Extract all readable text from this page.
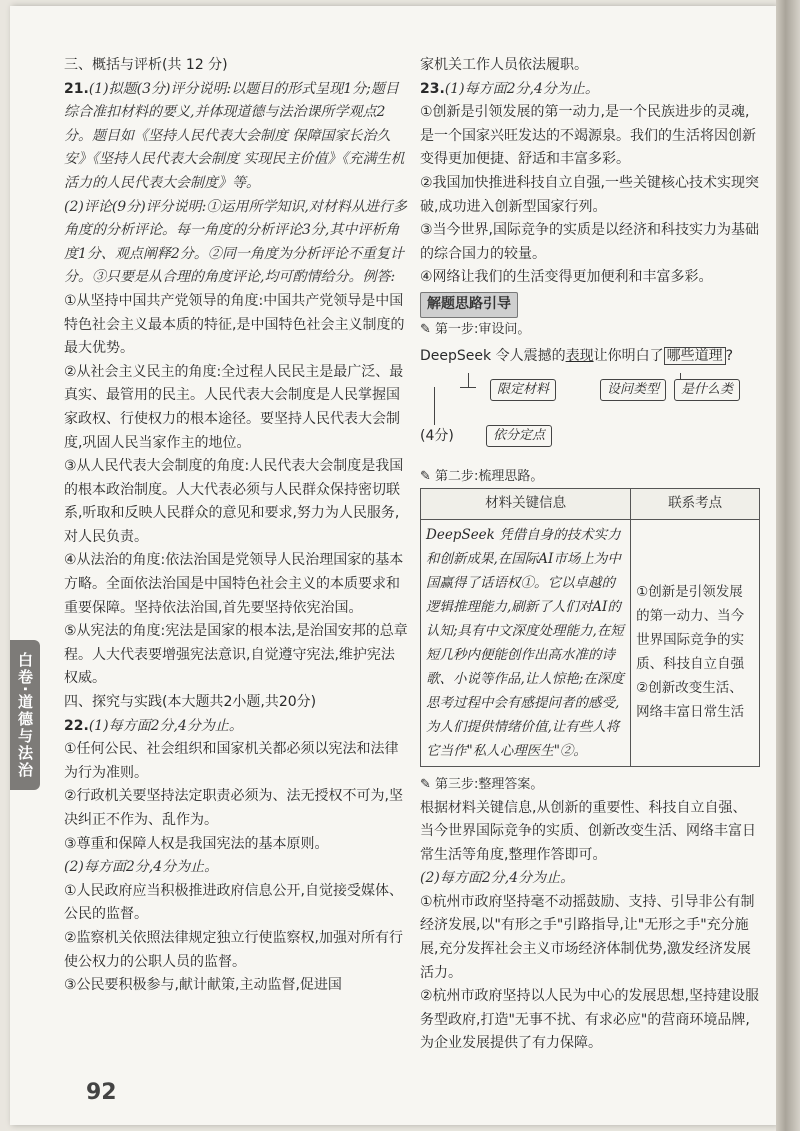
白卷·道德与法治

三、概括与评析(共 12 分)

21.(1)拟题(3分)评分说明:以题目的形式呈现1分;题目综合准扣材料的要义,并体现道德与法治课所学观点2分。题目如《坚持人民代表大会制度 保障国家长治久安》《坚持人民代表大会制度 实现民主价值》《充满生机活力的人民代表大会制度》等。

(2)评论(9分)评分说明:①运用所学知识,对材料从进行多角度的分析评论。每一角度的分析评论3分,其中评析角度1分、观点阐释2分。②同一角度为分析评论不重复计分。③只要是从合理的角度评论,均可酌情给分。例答:

①从坚持中国共产党领导的角度:中国共产党领导是中国特色社会主义最本质的特征,是中国特色社会主义制度的最大优势。

②从社会主义民主的角度:全过程人民民主是最广泛、最真实、最管用的民主。人民代表大会制度是人民掌握国家政权、行使权力的根本途径。要坚持人民代表大会制度,巩固人民当家作主的地位。

③从人民代表大会制度的角度:人民代表大会制度是我国的根本政治制度。人大代表必须与人民群众保持密切联系,听取和反映人民群众的意见和要求,努力为人民服务,对人民负责。

④从法治的角度:依法治国是党领导人民治理国家的基本方略。全面依法治国是中国特色社会主义的本质要求和重要保障。坚持依法治国,首先要坚持依宪治国。

⑤从宪法的角度:宪法是国家的根本法,是治国安邦的总章程。人大代表要增强宪法意识,自觉遵守宪法,维护宪法权威。

四、探究与实践(本大题共2小题,共20分)

22.(1)每方面2分,4分为止。

①任何公民、社会组织和国家机关都必须以宪法和法律为行为准则。

②行政机关要坚持法定职责必须为、法无授权不可为,坚决纠正不作为、乱作为。

③尊重和保障人权是我国宪法的基本原则。

(2)每方面2分,4分为止。

①人民政府应当积极推进政府信息公开,自觉接受媒体、公民的监督。

②监察机关依照法律规定独立行使监察权,加强对所有行使公权力的公职人员的监督。

③公民要积极参与,献计献策,主动监督,促进国

家机关工作人员依法履职。

23.(1)每方面2分,4分为止。

①创新是引领发展的第一动力,是一个民族进步的灵魂,是一个国家兴旺发达的不竭源泉。我们的生活将因创新变得更加便捷、舒适和丰富多彩。

②我国加快推进科技自立自强,一些关键核心技术实现突破,成功进入创新型国家行列。

③当今世界,国际竞争的实质是以经济和科技实力为基础的综合国力的较量。

④网络让我们的生活变得更加便利和丰富多彩。

解题思路引导

✎ 第一步:审设问。

DeepSeek 令人震撼的表现让你明白了 哪些道理 ?

限定材料	设问类型	是什么类
(4分)	依分定点

✎ 第二步:梳理思路。

材料关键信息	联系考点
DeepSeek 凭借自身的技术实力和创新成果,在国际AI市场上为中国赢得了话语权①。它以卓越的逻辑推理能力,刷新了人们对AI的认知;具有中文深度处理能力,在短短几秒内便能创作出高水准的诗歌、小说等作品,让人惊艳;在深度思考过程中会有感提问者的感受,为人们提供情绪价值,让有些人将它当作"私人心理医生"②。	①创新是引领发展的第一动力、当今世界国际竞争的实质、科技自立自强 ②创新改变生活、网络丰富日常生活

✎ 第三步:整理答案。

根据材料关键信息,从创新的重要性、科技自立自强、当今世界国际竞争的实质、创新改变生活、网络丰富日常生活等角度,整理作答即可。

(2)每方面2分,4分为止。

①杭州市政府坚持毫不动摇鼓励、支持、引导非公有制经济发展,以"有形之手"引路指导,让"无形之手"充分施展,充分发挥社会主义市场经济体制优势,激发经济发展活力。

②杭州市政府坚持以人民为中心的发展思想,坚持建设服务型政府,打造"无事不扰、有求必应"的营商环境品牌,为企业发展提供了有力保障。

92
